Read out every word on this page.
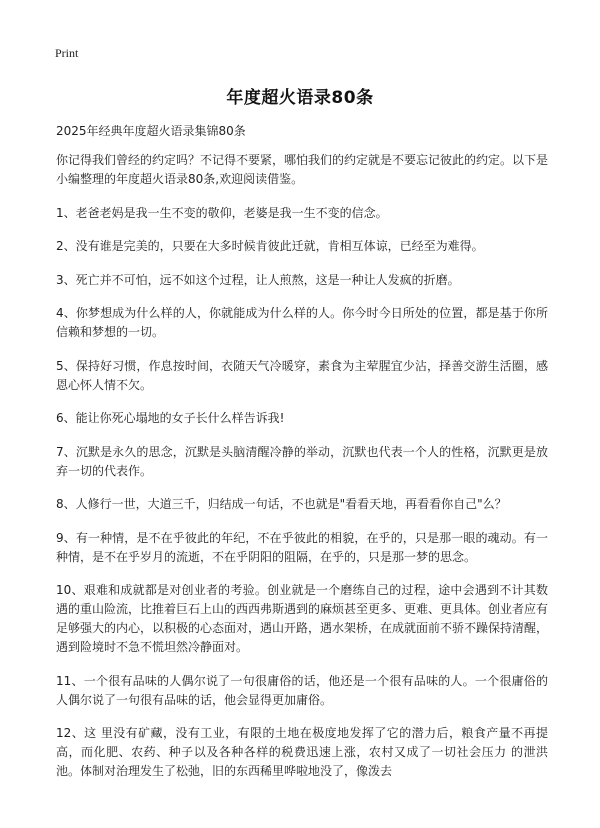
Print
年度超火语录80条
2025年经典年度超火语录集锦80条

你记得我们曾经的约定吗？不记得不要紧，哪怕我们的约定就是不要忘记彼此的约定。以下是小编整理的年度超火语录80条,欢迎阅读借鉴。

1、老爸老妈是我一生不变的敬仰，老婆是我一生不变的信念。

2、没有谁是完美的，只要在大多时候肯彼此迁就，肯相互体谅，已经至为难得。

3、死亡并不可怕，远不如这个过程，让人煎熬，这是一种让人发疯的折磨。

4、你梦想成为什么样的人，你就能成为什么样的人。你今时今日所处的位置，都是基于你所信赖和梦想的一切。

5、保持好习惯，作息按时间，衣随天气冷暖穿，素食为主荤腥宜少沾，择善交游生活圈，感恩心怀人情不欠。

6、能让你死心塌地的女子长什么样告诉我!

7、沉默是永久的思念，沉默是头脑清醒冷静的举动，沉默也代表一个人的性格，沉默更是放弃一切的代表作。

8、人修行一世，大道三千，归结成一句话，不也就是"看看天地，再看看你自己"么？

9、有一种情，是不在乎彼此的年纪，不在乎彼此的相貌，在乎的，只是那一眼的魂动。有一种情，是不在乎岁月的流逝，不在乎阴阳的阻隔，在乎的，只是那一梦的思念。

10、艰难和成就都是对创业者的考验。创业就是一个磨练自己的过程，途中会遇到不计其数遇的重山险流，比推着巨石上山的西西弗斯遇到的麻烦甚至更多、更难、更具体。创业者应有足够强大的内心，以积极的心态面对，遇山开路，遇水架桥，在成就面前不骄不躁保持清醒，遇到险境时不急不慌坦然冷静面对。

11、一个很有品味的人偶尔说了一句很庸俗的话，他还是一个很有品味的人。一个很庸俗的人偶尔说了一句很有品味的话，他会显得更加庸俗。

12、这 里没有矿藏，没有工业，有限的土地在极度地发挥了它的潜力后，粮食产量不再提高，而化肥、农药、种子以及各种各样的税费迅速上涨，农村又成了一切社会压力 的泄洪池。体制对治理发生了松弛，旧的东西稀里哗啦地没了，像泼去
